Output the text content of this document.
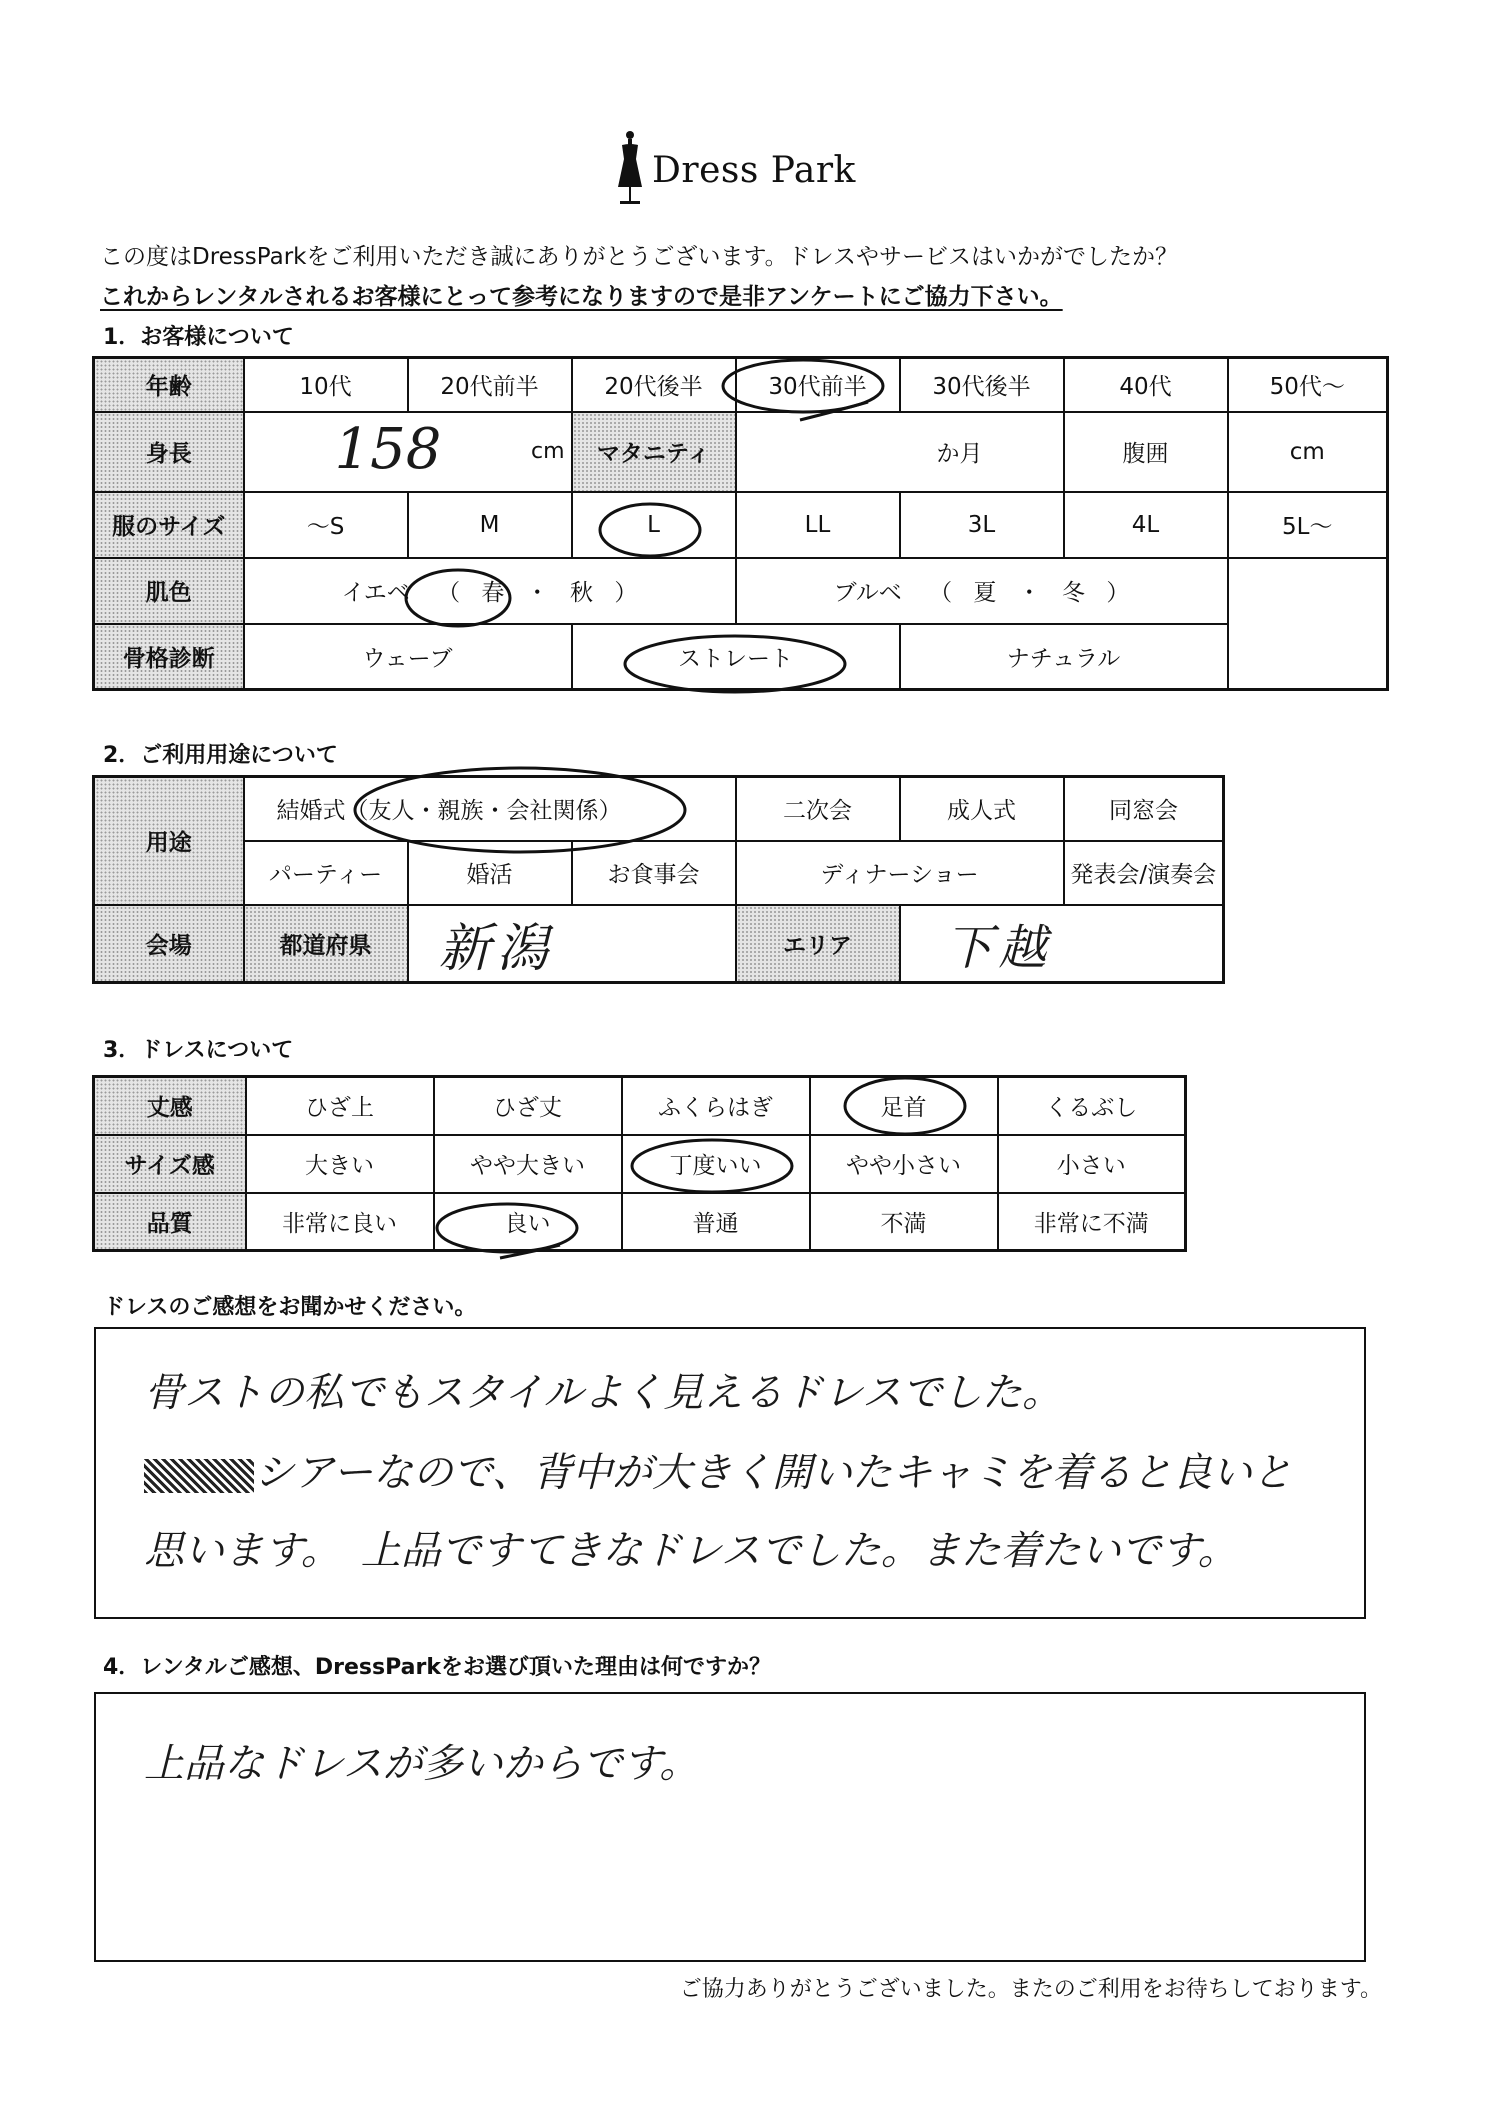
Dress Park
この度はDressParkをご利用いただき誠にありがとうございます。ドレスやサービスはいかがでしたか？
これからレンタルされるお客様にとって参考になりますので是非アンケートにご協力下さい。
1．お客様について
年齢	10代	20代前半	20代後半	30代前半	30代後半	40代	50代～
身長	158 cm		マタニティ	か月		腹囲	cm
服のサイズ	～S	M	L	LL	3L	4L	5L～
肌色	イエベ （ 春 ・ 秋 ）			ブルベ （ 夏 ・ 冬 ）			
骨格診断	ウェーブ		ストレート		ナチュラル		
2．ご利用用途について
用途	結婚式（友人・親族・会社関係）			二次会	成人式	同窓会
	パーティー	婚活	お食事会	ディナーショー		発表会/演奏会
会場	都道府県	新潟		エリア	下越	
3．ドレスについて
丈感	ひざ上	ひざ丈	ふくらはぎ	足首	くるぶし
サイズ感	大きい	やや大きい	丁度いい	やや小さい	小さい
品質	非常に良い	良い	普通	不満	非常に不満
ドレスのご感想をお聞かせください。
骨ストの私でもスタイルよく見えるドレスでした。
シアーなので、背中が大きく開いたキャミを着ると良いと
思います。　上品ですてきなドレスでした。また着たいです。
4．レンタルご感想、DressParkをお選び頂いた理由は何ですか？
上品なドレスが多いからです。
ご協力ありがとうございました。またのご利用をお待ちしております。
